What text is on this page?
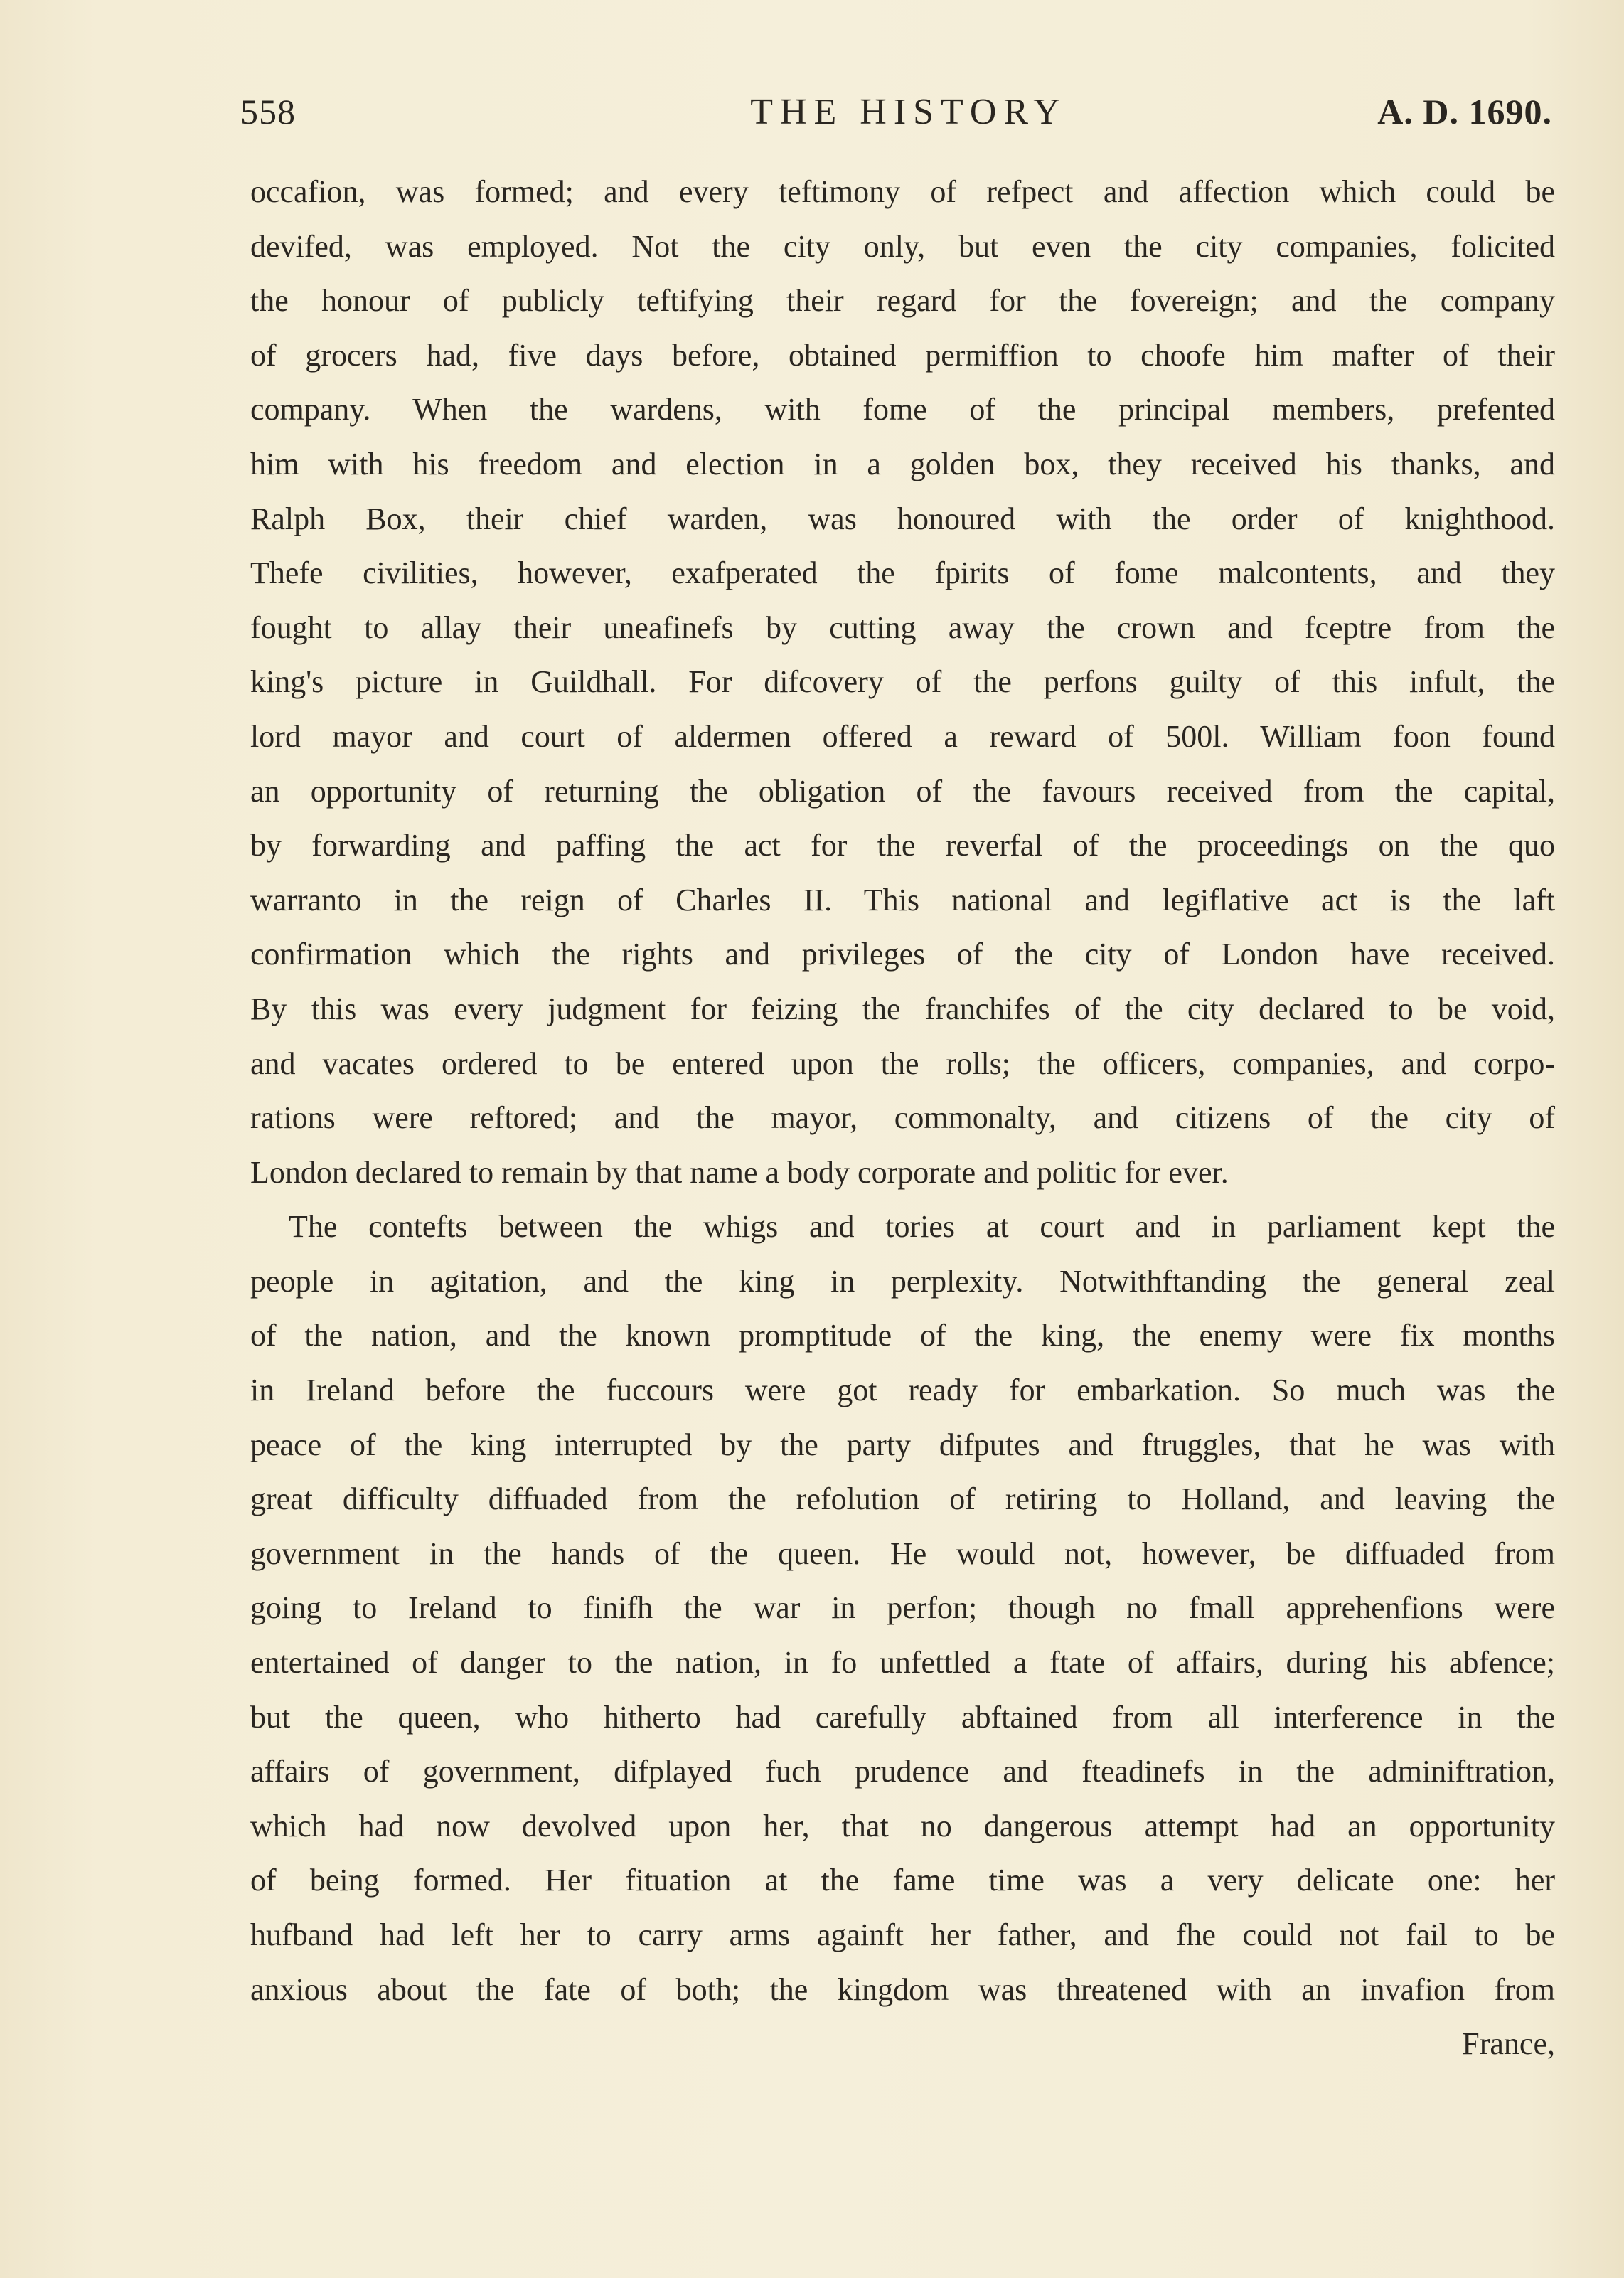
558	THE HISTORY	A. D. 1690.
occafion, was formed; and every teftimony of refpect and affection which could be
devifed, was employed. Not the city only, but even the city companies, folicited
the honour of publicly teftifying their regard for the fovereign; and the company
of grocers had, five days before, obtained permiffion to choofe him mafter of their
company. When the wardens, with fome of the principal members, prefented
him with his freedom and election in a golden box, they received his thanks, and
Ralph Box, their chief warden, was honoured with the order of knighthood.
Thefe civilities, however, exafperated the fpirits of fome malcontents, and they
fought to allay their uneafinefs by cutting away the crown and fceptre from the
king's picture in Guildhall. For difcovery of the perfons guilty of this infult, the
lord mayor and court of aldermen offered a reward of 500l. William foon found
an opportunity of returning the obligation of the favours received from the capital,
by forwarding and paffing the act for the reverfal of the proceedings on the quo
warranto in the reign of Charles II. This national and legiflative act is the laft
confirmation which the rights and privileges of the city of London have received.
By this was every judgment for feizing the franchifes of the city declared to be void,
and vacates ordered to be entered upon the rolls; the officers, companies, and corpo-
rations were reftored; and the mayor, commonalty, and citizens of the city of
London declared to remain by that name a body corporate and politic for ever.
The contefts between the whigs and tories at court and in parliament kept the
people in agitation, and the king in perplexity. Notwithftanding the general zeal
of the nation, and the known promptitude of the king, the enemy were fix months
in Ireland before the fuccours were got ready for embarkation. So much was the
peace of the king interrupted by the party difputes and ftruggles, that he was with
great difficulty diffuaded from the refolution of retiring to Holland, and leaving the
government in the hands of the queen. He would not, however, be diffuaded from
going to Ireland to finifh the war in perfon; though no fmall apprehenfions were
entertained of danger to the nation, in fo unfettled a ftate of affairs, during his abfence;
but the queen, who hitherto had carefully abftained from all interference in the
affairs of government, difplayed fuch prudence and fteadinefs in the adminiftration,
which had now devolved upon her, that no dangerous attempt had an opportunity
of being formed. Her fituation at the fame time was a very delicate one: her
hufband had left her to carry arms againft her father, and fhe could not fail to be
anxious about the fate of both; the kingdom was threatened with an invafion from
France,
